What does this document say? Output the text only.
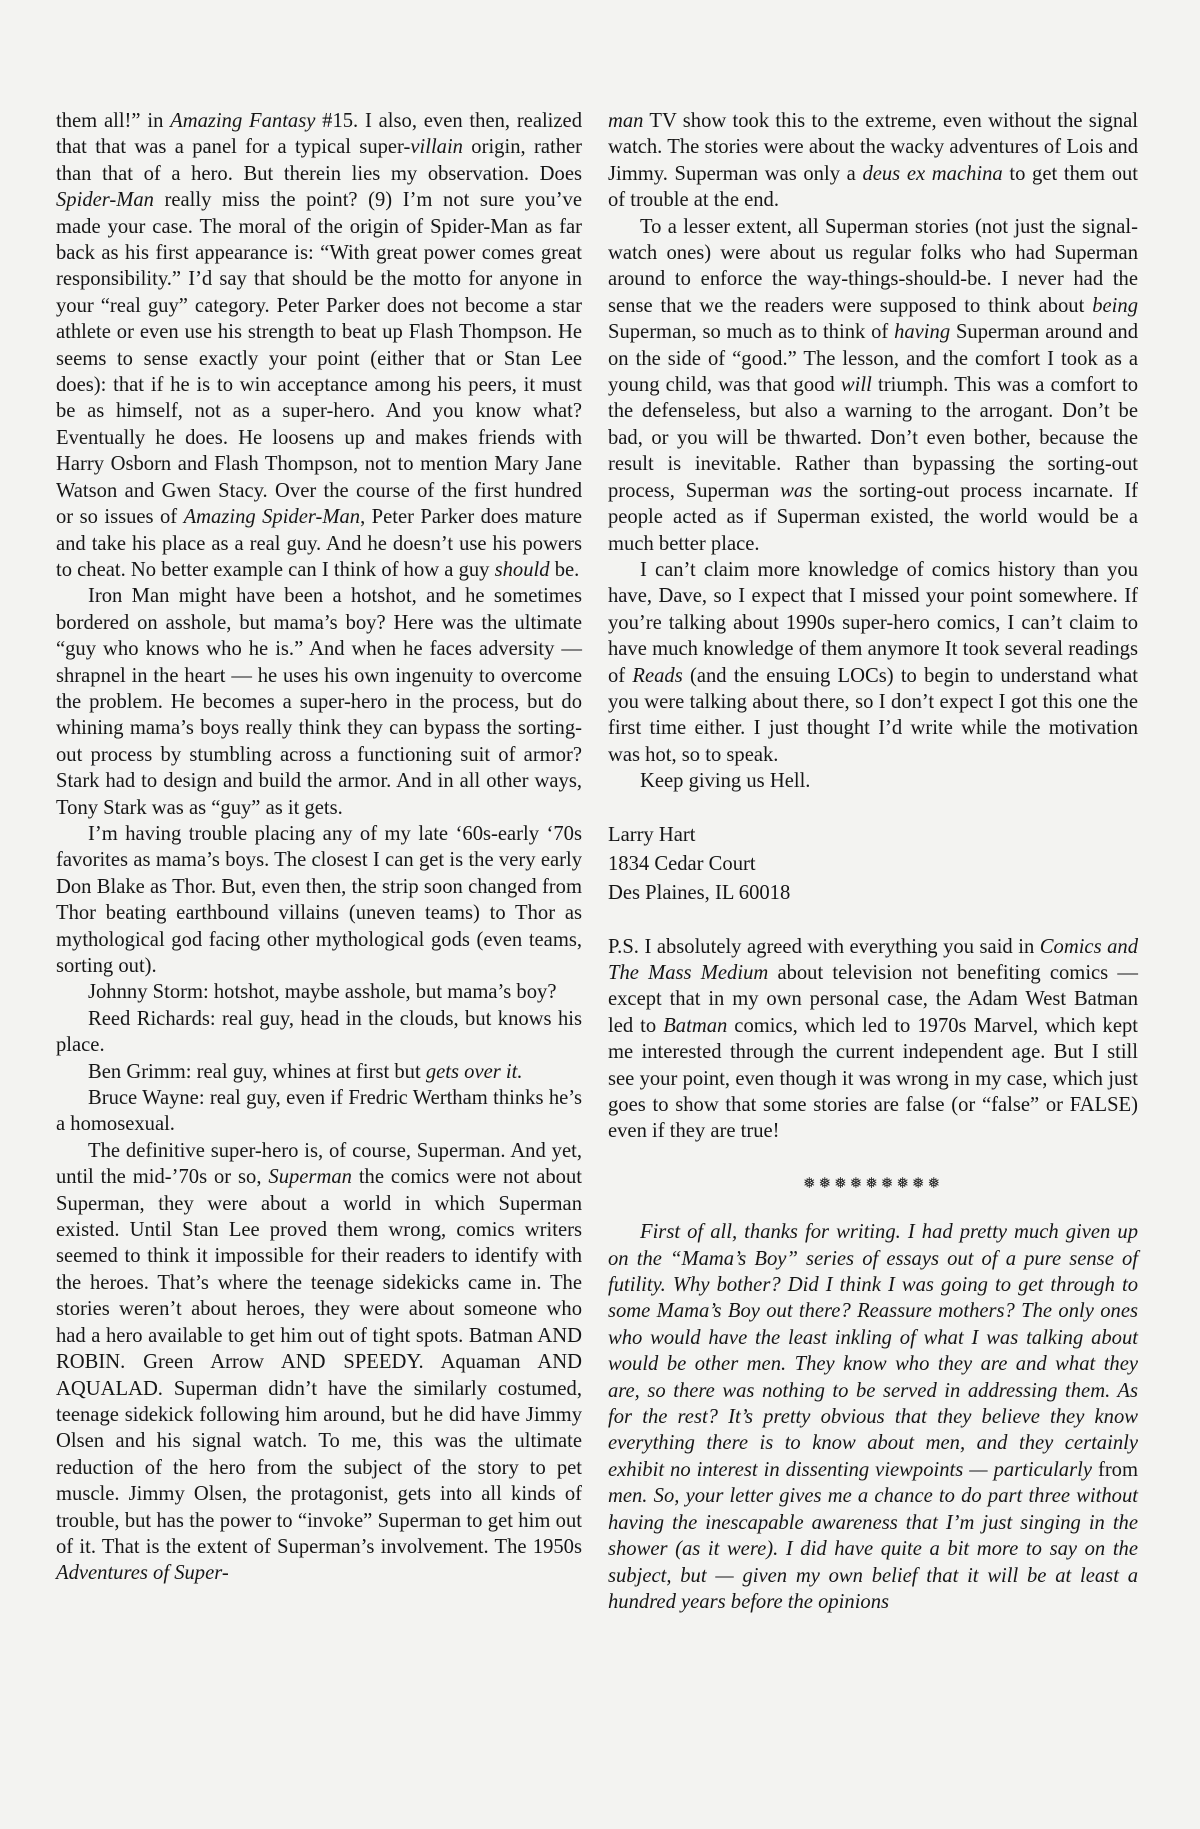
them all!” in Amazing Fantasy #15. I also, even then, realized that that was a panel for a typical super-villain origin, rather than that of a hero. But therein lies my observation. Does Spider-Man really miss the point? (9) I’m not sure you’ve made your case. The moral of the origin of Spider-Man as far back as his first appearance is: “With great power comes great responsibility.” I’d say that should be the motto for anyone in your “real guy” category. Peter Parker does not become a star athlete or even use his strength to beat up Flash Thompson. He seems to sense exactly your point (either that or Stan Lee does): that if he is to win acceptance among his peers, it must be as himself, not as a super-hero. And you know what? Eventually he does. He loosens up and makes friends with Harry Osborn and Flash Thompson, not to mention Mary Jane Watson and Gwen Stacy. Over the course of the first hundred or so issues of Amazing Spider-Man, Peter Parker does mature and take his place as a real guy. And he doesn’t use his powers to cheat. No better example can I think of how a guy should be.

Iron Man might have been a hotshot, and he sometimes bordered on asshole, but mama’s boy? Here was the ultimate “guy who knows who he is.” And when he faces adversity — shrapnel in the heart — he uses his own ingenuity to overcome the problem. He becomes a super-hero in the process, but do whining mama’s boys really think they can bypass the sorting-out process by stumbling across a functioning suit of armor? Stark had to design and build the armor. And in all other ways, Tony Stark was as “guy” as it gets.

I’m having trouble placing any of my late ‘60s-early ‘70s favorites as mama’s boys. The closest I can get is the very early Don Blake as Thor. But, even then, the strip soon changed from Thor beating earthbound villains (uneven teams) to Thor as mythological god facing other mythological gods (even teams, sorting out).

Johnny Storm: hotshot, maybe asshole, but mama’s boy?

Reed Richards: real guy, head in the clouds, but knows his place.

Ben Grimm: real guy, whines at first but gets over it.

Bruce Wayne: real guy, even if Fredric Wertham thinks he’s a homosexual.

The definitive super-hero is, of course, Superman. And yet, until the mid-’70s or so, Superman the comics were not about Superman, they were about a world in which Superman existed. Until Stan Lee proved them wrong, comics writers seemed to think it impossible for their readers to identify with the heroes. That’s where the teenage sidekicks came in. The stories weren’t about heroes, they were about someone who had a hero available to get him out of tight spots. Batman AND ROBIN. Green Arrow AND SPEEDY. Aquaman AND AQUALAD. Superman didn’t have the similarly costumed, teenage sidekick following him around, but he did have Jimmy Olsen and his signal watch. To me, this was the ultimate reduction of the hero from the subject of the story to pet muscle. Jimmy Olsen, the protagonist, gets into all kinds of trouble, but has the power to “invoke” Superman to get him out of it. That is the extent of Superman’s involvement. The 1950s Adventures of Super-

man TV show took this to the extreme, even without the signal watch. The stories were about the wacky adventures of Lois and Jimmy. Superman was only a deus ex machina to get them out of trouble at the end.

To a lesser extent, all Superman stories (not just the signal-watch ones) were about us regular folks who had Superman around to enforce the way-things-should-be. I never had the sense that we the readers were supposed to think about being Superman, so much as to think of having Superman around and on the side of “good.” The lesson, and the comfort I took as a young child, was that good will triumph. This was a comfort to the defenseless, but also a warning to the arrogant. Don’t be bad, or you will be thwarted. Don’t even bother, because the result is inevitable. Rather than bypassing the sorting-out process, Superman was the sorting-out process incarnate. If people acted as if Superman existed, the world would be a much better place.

I can’t claim more knowledge of comics history than you have, Dave, so I expect that I missed your point somewhere. If you’re talking about 1990s super-hero comics, I can’t claim to have much knowledge of them anymore It took several readings of Reads (and the ensuing LOCs) to begin to understand what you were talking about there, so I don’t expect I got this one the first time either. I just thought I’d write while the motivation was hot, so to speak.

Keep giving us Hell.

Larry Hart
1834 Cedar Court
Des Plaines, IL 60018

P.S. I absolutely agreed with everything you said in Comics and The Mass Medium about television not benefiting comics — except that in my own personal case, the Adam West Batman led to Batman comics, which led to 1970s Marvel, which kept me interested through the current independent age. But I still see your point, even though it was wrong in my case, which just goes to show that some stories are false (or “false” or FALSE) even if they are true!

❅❅❅❅❅❅❅❅❅

First of all, thanks for writing. I had pretty much given up on the “Mama’s Boy” series of essays out of a pure sense of futility. Why bother? Did I think I was going to get through to some Mama’s Boy out there? Reassure mothers? The only ones who would have the least inkling of what I was talking about would be other men. They know who they are and what they are, so there was nothing to be served in addressing them. As for the rest? It’s pretty obvious that they believe they know everything there is to know about men, and they certainly exhibit no interest in dissenting viewpoints — particularly from men. So, your letter gives me a chance to do part three without having the inescapable awareness that I’m just singing in the shower (as it were). I did have quite a bit more to say on the subject, but — given my own belief that it will be at least a hundred years before the opinions
